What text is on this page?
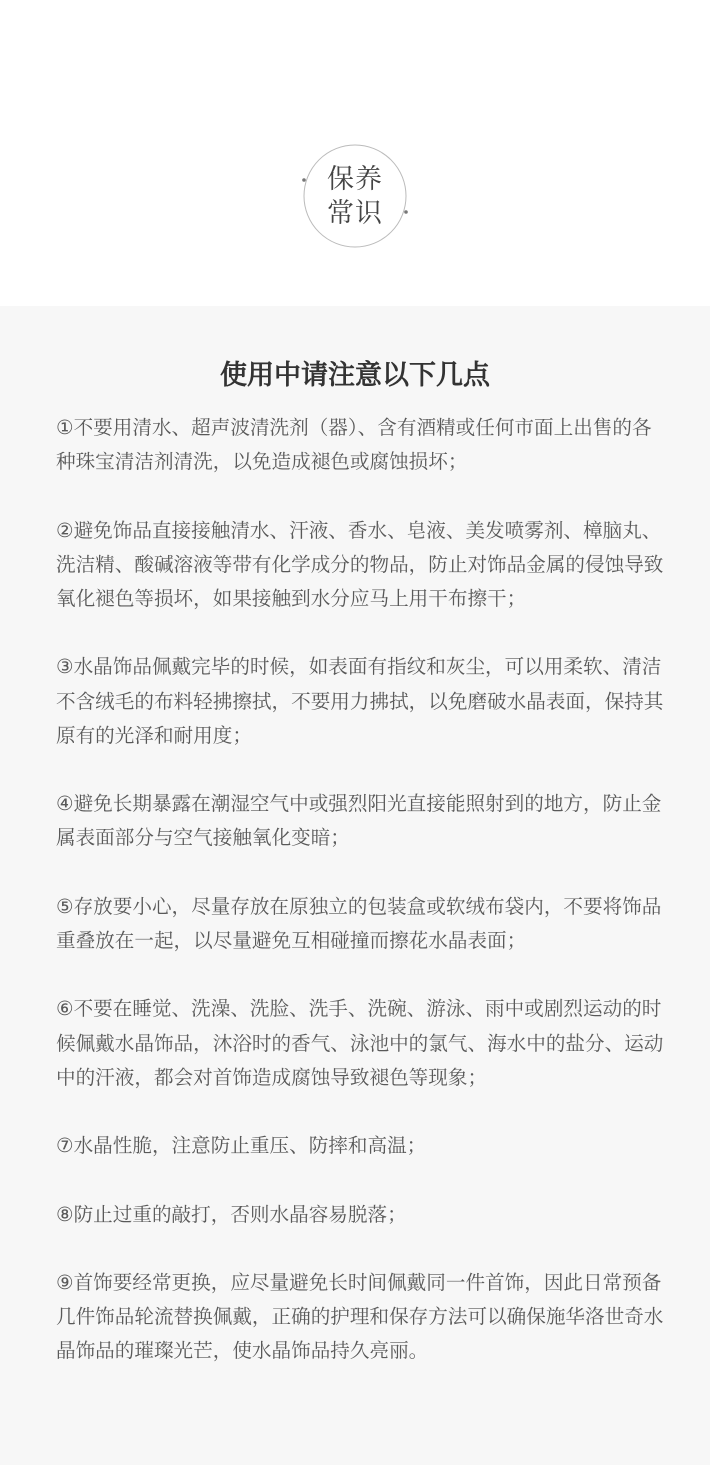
保养
常识
使用中请注意以下几点
①不要用清水、超声波清洗剂（器）、含有酒精或任何市面上出售的各种珠宝清洁剂清洗，以免造成褪色或腐蚀损坏；
②避免饰品直接接触清水、汗液、香水、皂液、美发喷雾剂、樟脑丸、洗洁精、酸碱溶液等带有化学成分的物品，防止对饰品金属的侵蚀导致氧化褪色等损坏，如果接触到水分应马上用干布擦干；
③水晶饰品佩戴完毕的时候，如表面有指纹和灰尘，可以用柔软、清洁不含绒毛的布料轻拂擦拭，不要用力拂拭，以免磨破水晶表面，保持其原有的光泽和耐用度；
④避免长期暴露在潮湿空气中或强烈阳光直接能照射到的地方，防止金属表面部分与空气接触氧化变暗；
⑤存放要小心，尽量存放在原独立的包装盒或软绒布袋内，不要将饰品重叠放在一起，以尽量避免互相碰撞而擦花水晶表面；
⑥不要在睡觉、洗澡、洗脸、洗手、洗碗、游泳、雨中或剧烈运动的时候佩戴水晶饰品，沐浴时的香气、泳池中的氯气、海水中的盐分、运动中的汗液，都会对首饰造成腐蚀导致褪色等现象；
⑦水晶性脆，注意防止重压、防摔和高温；
⑧防止过重的敲打，否则水晶容易脱落；
⑨首饰要经常更换，应尽量避免长时间佩戴同一件首饰，因此日常预备几件饰品轮流替换佩戴，正确的护理和保存方法可以确保施华洛世奇水晶饰品的璀璨光芒，使水晶饰品持久亮丽。
